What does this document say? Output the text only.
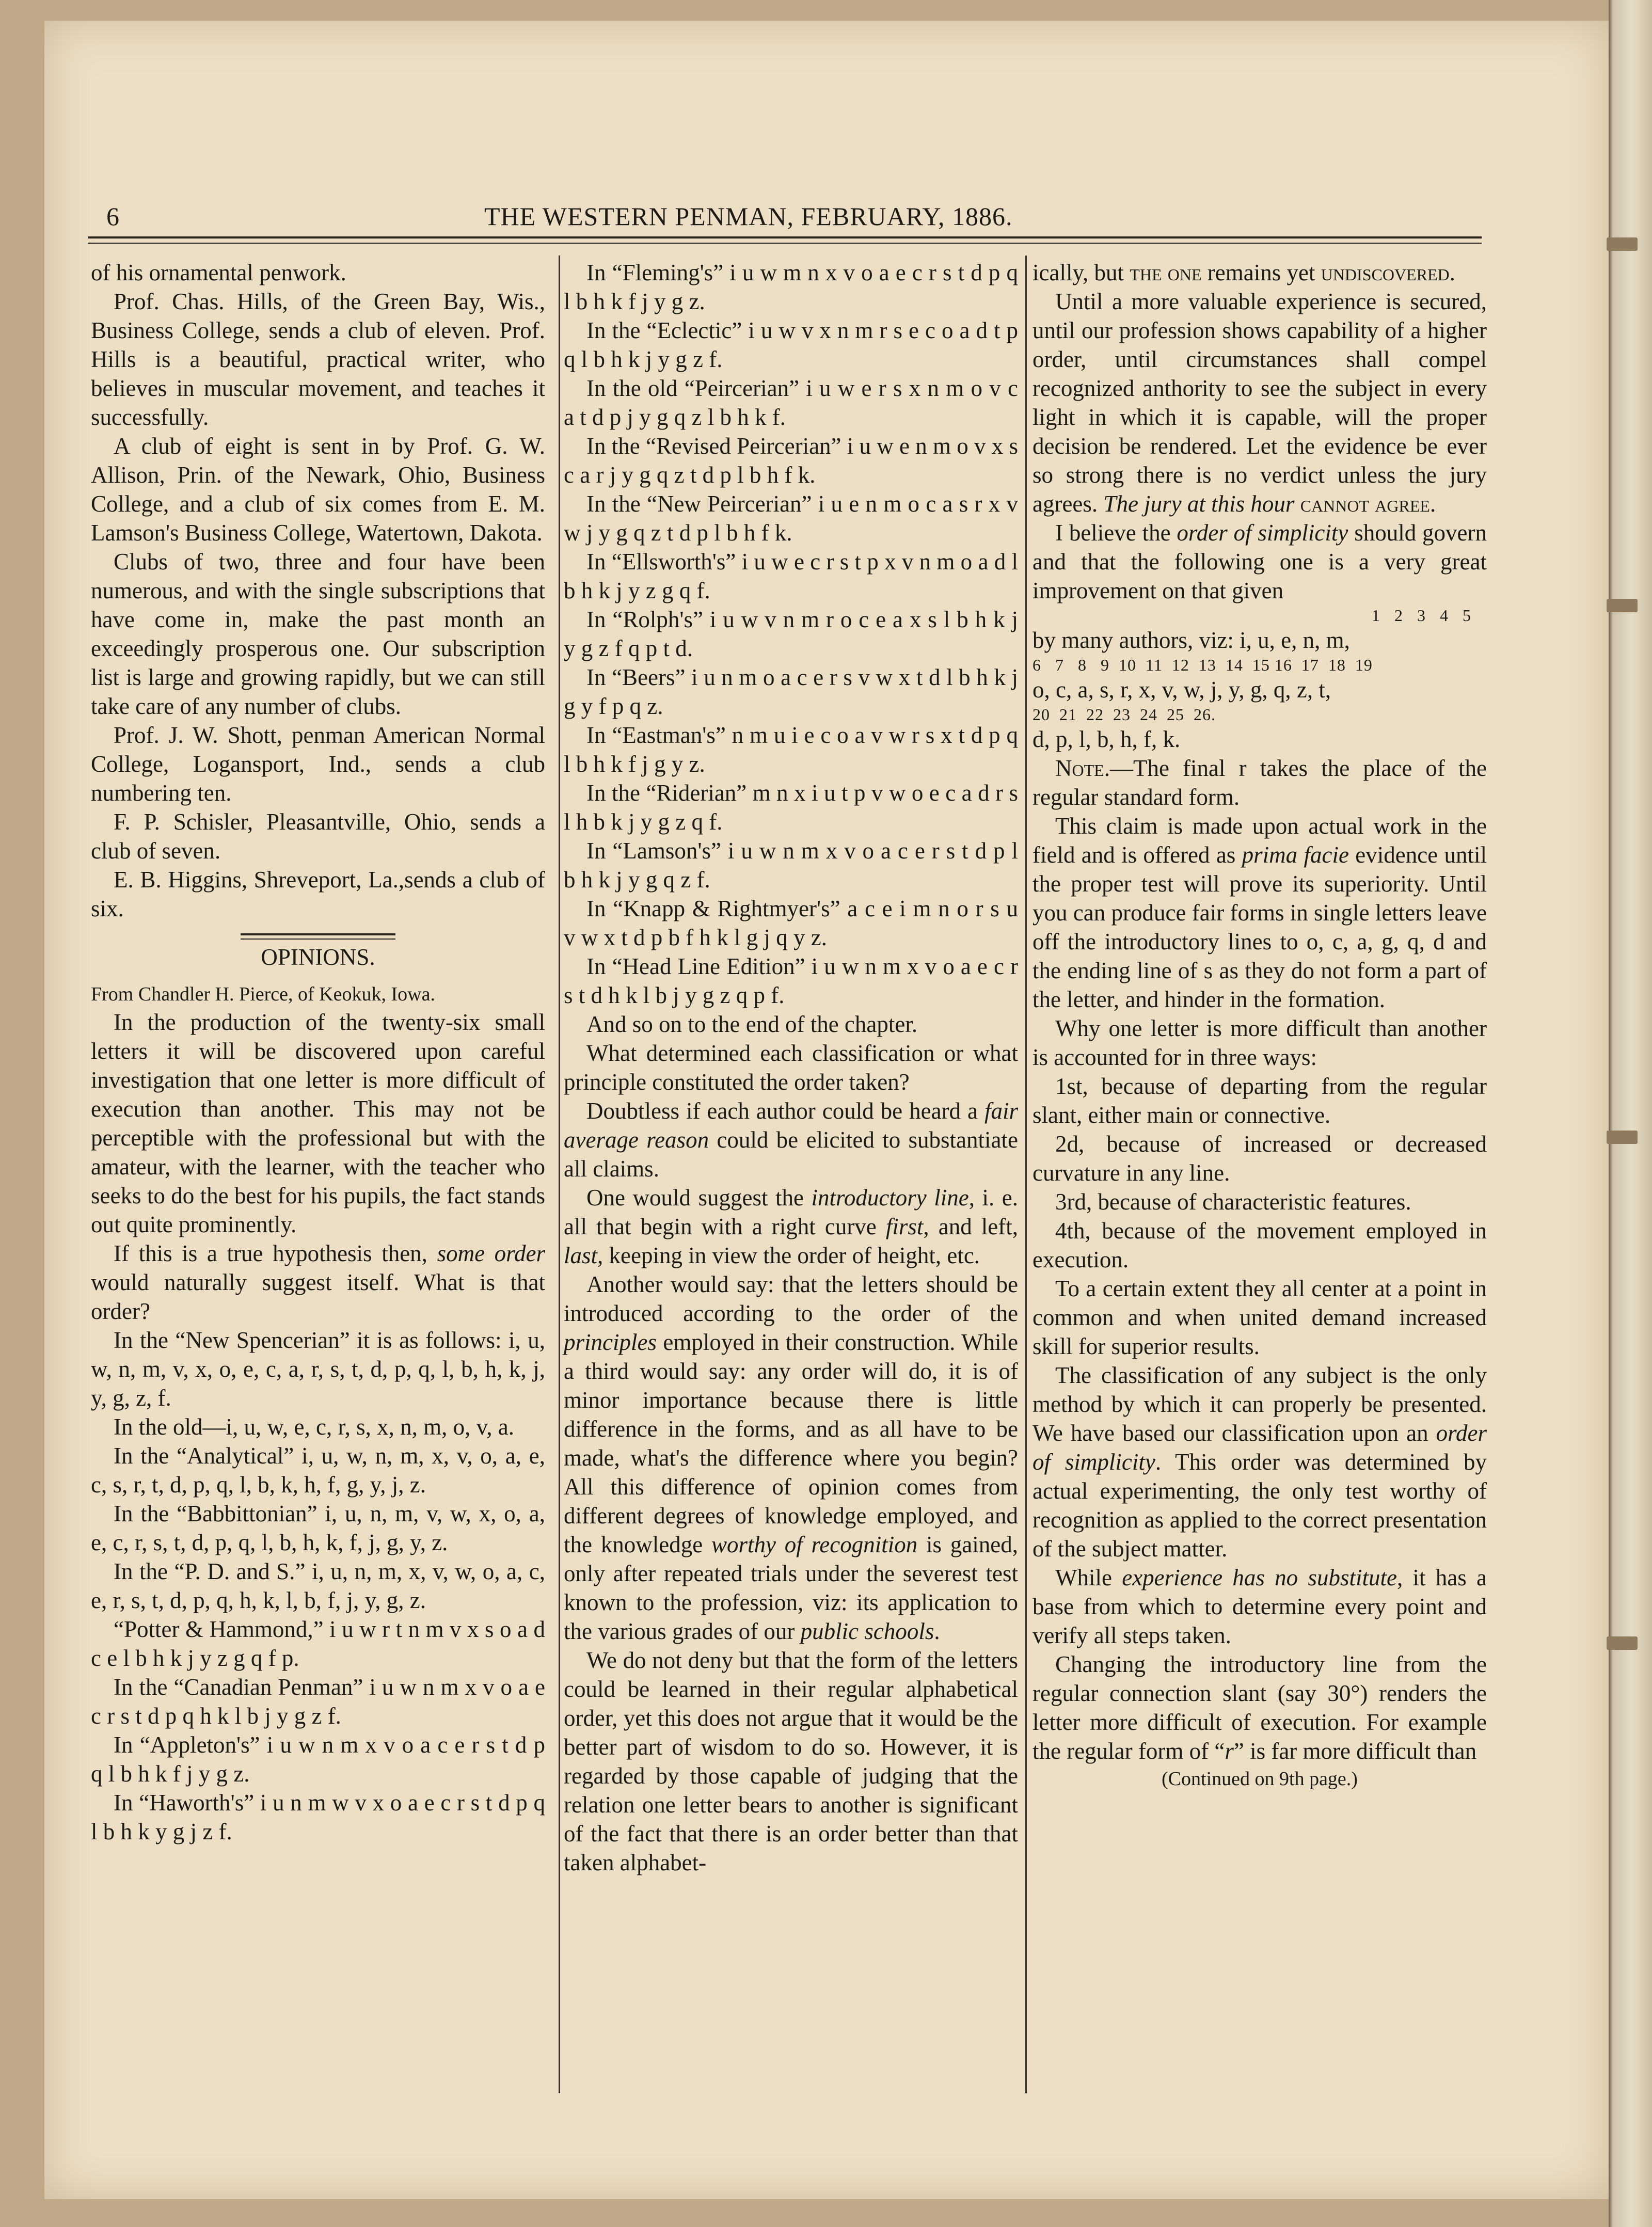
6	THE WESTERN PENMAN, FEBRUARY, 1886.

of his ornamental penwork.

Prof. Chas. Hills, of the Green Bay, Wis., Business College, sends a club of eleven. Prof. Hills is a beautiful, practical writer, who believes in muscular movement, and teaches it successfully.

A club of eight is sent in by Prof. G. W. Allison, Prin. of the Newark, Ohio, Business College, and a club of six comes from E. M. Lamson's Business College, Watertown, Dakota.

Clubs of two, three and four have been numerous, and with the single subscriptions that have come in, make the past month an exceedingly prosperous one. Our subscription list is large and growing rapidly, but we can still take care of any number of clubs.

Prof. J. W. Shott, penman American Normal College, Logansport, Ind., sends a club numbering ten.

F. P. Schisler, Pleasantville, Ohio, sends a club of seven.

E. B. Higgins, Shreveport, La.,sends a club of six.

OPINIONS.

From Chandler H. Pierce, of Keokuk, Iowa.

In the production of the twenty-six small letters it will be discovered upon careful investigation that one letter is more difficult of execution than another. This may not be perceptible with the professional but with the amateur, with the learner, with the teacher who seeks to do the best for his pupils, the fact stands out quite prominently.

If this is a true hypothesis then, some order would naturally suggest itself. What is that order?

In the “New Spencerian” it is as follows: i, u, w, n, m, v, x, o, e, c, a, r, s, t, d, p, q, l, b, h, k, j, y, g, z, f.

In the old—i, u, w, e, c, r, s, x, n, m, o, v, a.

In the “Analytical” i, u, w, n, m, x, v, o, a, e, c, s, r, t, d, p, q, l, b, k, h, f, g, y, j, z.

In the “Babbittonian” i, u, n, m, v, w, x, o, a, e, c, r, s, t, d, p, q, l, b, h, k, f, j, g, y, z.

In the “P. D. and S.” i, u, n, m, x, v, w, o, a, c, e, r, s, t, d, p, q, h, k, l, b, f, j, y, g, z.

“Potter & Hammond,” i u w r t n m v x s o a d c e l b h k j y z g q f p.

In the “Canadian Penman” i u w n m x v o a e c r s t d p q h k l b j y g z f.

In “Appleton's” i u w n m x v o a c e r s t d p q l b h k f j y g z.

In “Haworth's” i u n m w v x o a e c r s t d p q l b h k y g j z f.

In “Fleming's” i u w m n x v o a e c r s t d p q l b h k f j y g z.

In the “Eclectic” i u w v x n m r s e c o a d t p q l b h k j y g z f.

In the old “Peircerian” i u w e r s x n m o v c a t d p j y g q z l b h k f.

In the “Revised Peircerian” i u w e n m o v x s c a r j y g q z t d p l b h f k.

In the “New Peircerian” i u e n m o c a s r x v w j y g q z t d p l b h f k.

In “Ellsworth's” i u w e c r s t p x v n m o a d l b h k j y z g q f.

In “Rolph's” i u w v n m r o c e a x s l b h k j y g z f q p t d.

In “Beers” i u n m o a c e r s v w x t d l b h k j g y f p q z.

In “Eastman's” n m u i e c o a v w r s x t d p q l b h k f j g y z.

In the “Riderian” m n x i u t p v w o e c a d r s l h b k j y g z q f.

In “Lamson's” i u w n m x v o a c e r s t d p l b h k j y g q z f.

In “Knapp & Rightmyer's” a c e i m n o r s u v w x t d p b f h k l g j q y z.

In “Head Line Edition” i u w n m x v o a e c r s t d h k l b j y g z q p f.

And so on to the end of the chapter.

What determined each classification or what principle constituted the order taken?

Doubtless if each author could be heard a fair average reason could be elicited to substantiate all claims.

One would suggest the introductory line, i. e. all that begin with a right curve first, and left, last, keeping in view the order of height, etc.

Another would say: that the letters should be introduced according to the order of the principles employed in their construction. While a third would say: any order will do, it is of minor importance because there is little difference in the forms, and as all have to be made, what's the difference where you begin? All this difference of opinion comes from different degrees of knowledge employed, and the knowledge worthy of recognition is gained, only after repeated trials under the severest test known to the profession, viz: its application to the various grades of our public schools.

We do not deny but that the form of the letters could be learned in their regular alphabetical order, yet this does not argue that it would be the better part of wisdom to do so. However, it is regarded by those capable of judging that the relation one letter bears to another is significant of the fact that there is an order better than that taken alphabet-

ically, but the one remains yet undiscovered.

Until a more valuable experience is secured, until our profession shows capability of a higher order, until circumstances shall compel recognized anthority to see the subject in every light in which it is capable, will the proper decision be rendered. Let the evidence be ever so strong there is no verdict unless the jury agrees. The jury at this hour cannot agree.

I believe the order of simplicity should govern and that the following one is a very great improvement on that given

1   2   3   4   5
by many authors, viz: i, u, e, n, m,
6   7   8   9  10  11  12  13  14  15 16  17  18  19
o, c, a, s, r, x, v, w, j, y, g, q, z, t,
20  21  22  23  24  25  26.
d, p, l, b, h, f, k.

Note.—The final r takes the place of the regular standard form.

This claim is made upon actual work in the field and is offered as prima facie evidence until the proper test will prove its superiority. Until you can produce fair forms in single letters leave off the introductory lines to o, c, a, g, q, d and the ending line of s as they do not form a part of the letter, and hinder in the formation.

Why one letter is more difficult than another is accounted for in three ways:

1st, because of departing from the regular slant, either main or connective.

2d, because of increased or decreased curvature in any line.

3rd, because of characteristic features.

4th, because of the movement employed in execution.

To a certain extent they all center at a point in common and when united demand increased skill for superior results.

The classification of any subject is the only method by which it can properly be presented. We have based our classification upon an order of simplicity. This order was determined by actual experimenting, the only test worthy of recognition as applied to the correct presentation of the subject matter.

While experience has no substitute, it has a base from which to determine every point and verify all steps taken.

Changing the introductory line from the regular connection slant (say 30°) renders the letter more difficult of execution. For example the regular form of “r” is far more difficult than

(Continued on 9th page.)
